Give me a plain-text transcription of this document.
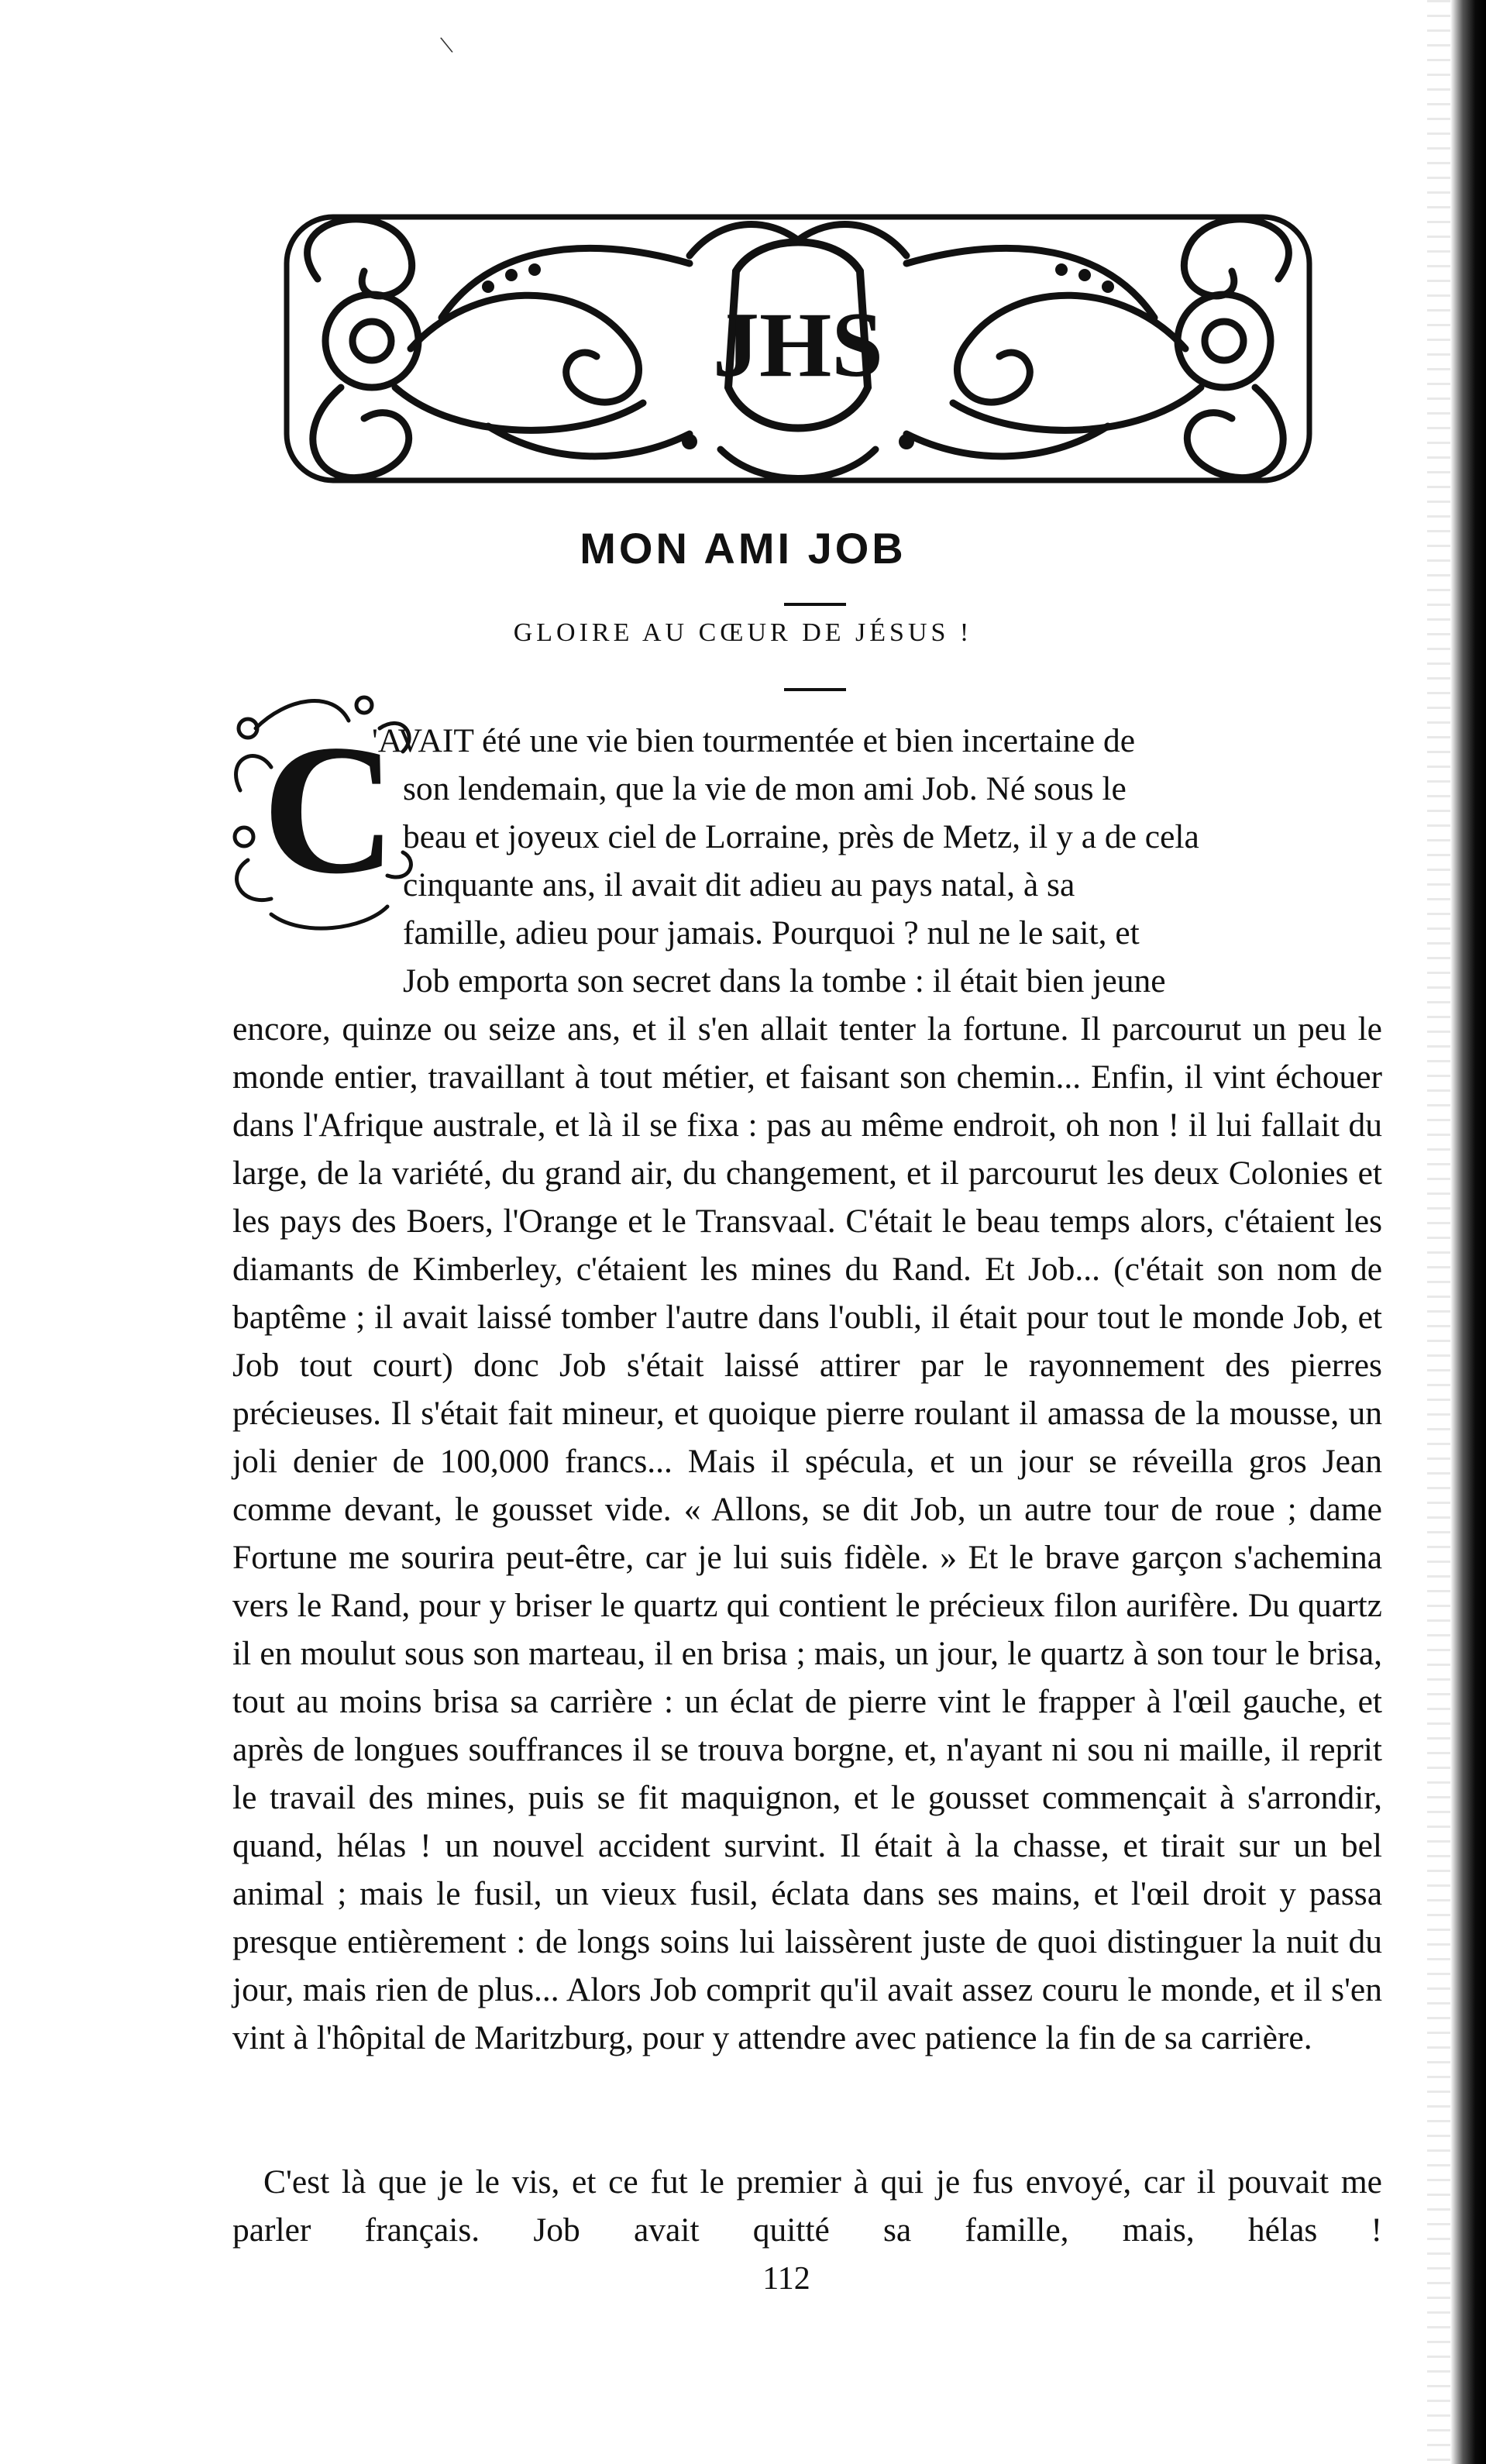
\
JHS
MON AMI JOB
GLOIRE AU CŒUR DE JÉSUS !
C
'AVAIT été une vie bien tourmentée et bien incertaine de
son lendemain, que la vie de mon ami Job. Né sous le
beau et joyeux ciel de Lorraine, près de Metz, il y a de cela
cinquante ans, il avait dit adieu au pays natal, à sa
famille, adieu pour jamais. Pourquoi ? nul ne le sait, et
Job emporta son secret dans la tombe : il était bien jeune
encore, quinze ou seize ans, et il s'en allait tenter la fortune. Il parcourut un peu le monde entier, travaillant à tout métier, et faisant son chemin... Enfin, il vint échouer dans l'Afrique australe, et là il se fixa : pas au même endroit, oh non ! il lui fallait du large, de la variété, du grand air, du changement, et il parcourut les deux Colonies et les pays des Boers, l'Orange et le Transvaal. C'était le beau temps alors, c'étaient les diamants de Kimberley, c'étaient les mines du Rand. Et Job... (c'était son nom de baptême ; il avait laissé tomber l'autre dans l'oubli, il était pour tout le monde Job, et Job tout court) donc Job s'était laissé attirer par le rayonnement des pierres précieuses. Il s'était fait mineur, et quoique pierre roulant il amassa de la mousse, un joli denier de 100,000 francs... Mais il spécula, et un jour se réveilla gros Jean comme devant, le gousset vide. « Allons, se dit Job, un autre tour de roue ; dame Fortune me sourira peut-être, car je lui suis fidèle. » Et le brave garçon s'achemina vers le Rand, pour y briser le quartz qui contient le précieux filon aurifère. Du quartz il en moulut sous son marteau, il en brisa ; mais, un jour, le quartz à son tour le brisa, tout au moins brisa sa carrière : un éclat de pierre vint le frapper à l'œil gauche, et après de longues souffrances il se trouva borgne, et, n'ayant ni sou ni maille, il reprit le travail des mines, puis se fit maquignon, et le gousset commençait à s'arrondir, quand, hélas ! un nouvel accident survint. Il était à la chasse, et tirait sur un bel animal ; mais le fusil, un vieux fusil, éclata dans ses mains, et l'œil droit y passa presque entièrement : de longs soins lui laissèrent juste de quoi distinguer la nuit du jour, mais rien de plus... Alors Job comprit qu'il avait assez couru le monde, et il s'en vint à l'hôpital de Maritzburg, pour y attendre avec patience la fin de sa carrière.
C'est là que je le vis, et ce fut le premier à qui je fus envoyé, car il pouvait me parler français. Job avait quitté sa famille, mais, hélas !
112
